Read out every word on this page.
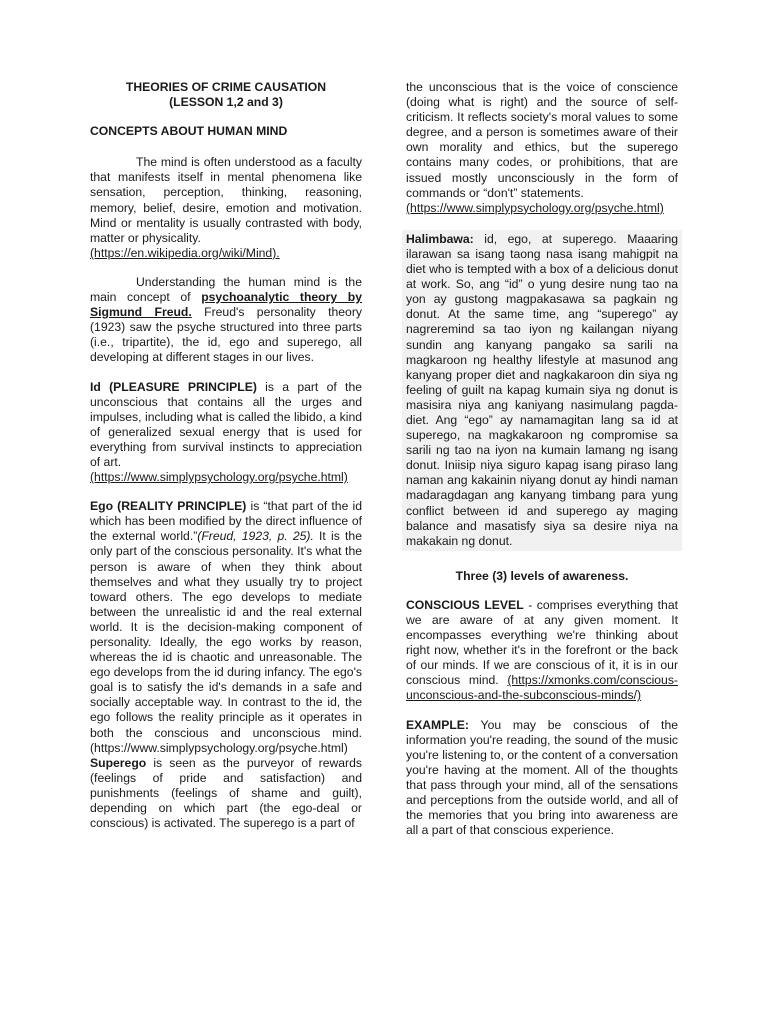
THEORIES OF CRIME CAUSATION

(LESSON 1,2 and 3)

CONCEPTS ABOUT HUMAN MIND

The mind is often understood as a faculty that manifests itself in mental phenomena like sensation, perception, thinking, reasoning, memory, belief, desire, emotion and motivation. Mind or mentality is usually contrasted with body, matter or physicality.
(https://en.wikipedia.org/wiki/Mind).

Understanding the human mind is the main concept of psychoanalytic theory by Sigmund Freud. Freud's personality theory (1923) saw the psyche structured into three parts (i.e., tripartite), the id, ego and superego, all developing at different stages in our lives.

Id (PLEASURE PRINCIPLE) is a part of the unconscious that contains all the urges and impulses, including what is called the libido, a kind of generalized sexual energy that is used for everything from survival instincts to appreciation of art.
(https://www.simplypsychology.org/psyche.html)

Ego (REALITY PRINCIPLE) is “that part of the id which has been modified by the direct influence of the external world.”(Freud, 1923, p. 25). It is the only part of the conscious personality. It's what the person is aware of when they think about themselves and what they usually try to project toward others. The ego develops to mediate between the unrealistic id and the real external world. It is the decision-making component of personality. Ideally, the ego works by reason, whereas the id is chaotic and unreasonable. The ego develops from the id during infancy. The ego's goal is to satisfy the id's demands in a safe and socially acceptable way. In contrast to the id, the ego follows the reality principle as it operates in both the conscious and unconscious mind. (https://www.simplypsychology.org/psyche.html)

Superego is seen as the purveyor of rewards (feelings of pride and satisfaction) and punishments (feelings of shame and guilt), depending on which part (the ego-deal or conscious) is activated. The superego is a part of

the unconscious that is the voice of conscience (doing what is right) and the source of self-criticism. It reflects society's moral values to some degree, and a person is sometimes aware of their own morality and ethics, but the superego contains many codes, or prohibitions, that are issued mostly unconsciously in the form of commands or “don't” statements.
(https://www.simplypsychology.org/psyche.html)

Halimbawa: id, ego, at superego. Maaaring ilarawan sa isang taong nasa isang mahigpit na diet who is tempted with a box of a delicious donut at work. So, ang “id” o yung desire nung tao na yon ay gustong magpakasawa sa pagkain ng donut. At the same time, ang “superego” ay nagreremind sa tao iyon ng kailangan niyang sundin ang kanyang pangako sa sarili na magkaroon ng healthy lifestyle at masunod ang kanyang proper diet and nagkakaroon din siya ng feeling of guilt na kapag kumain siya ng donut is masisira niya ang kaniyang nasimulang pagda-diet. Ang “ego” ay namamagitan lang sa id at superego, na magkakaroon ng compromise sa sarili ng tao na iyon na kumain lamang ng isang donut. Iniisip niya siguro kapag isang piraso lang naman ang kakainin niyang donut ay hindi naman madaragdagan ang kanyang timbang para yung conflict between id and superego ay maging balance and masatisfy siya sa desire niya na makakain ng donut.

Three (3) levels of awareness.

CONSCIOUS LEVEL - comprises everything that we are aware of at any given moment. It encompasses everything we're thinking about right now, whether it's in the forefront or the back of our minds. If we are conscious of it, it is in our conscious mind. (https://xmonks.com/conscious-unconscious-and-the-subconscious-minds/)

EXAMPLE: You may be conscious of the information you're reading, the sound of the music you're listening to, or the content of a conversation you're having at the moment. All of the thoughts that pass through your mind, all of the sensations and perceptions from the outside world, and all of the memories that you bring into awareness are all a part of that conscious experience.
